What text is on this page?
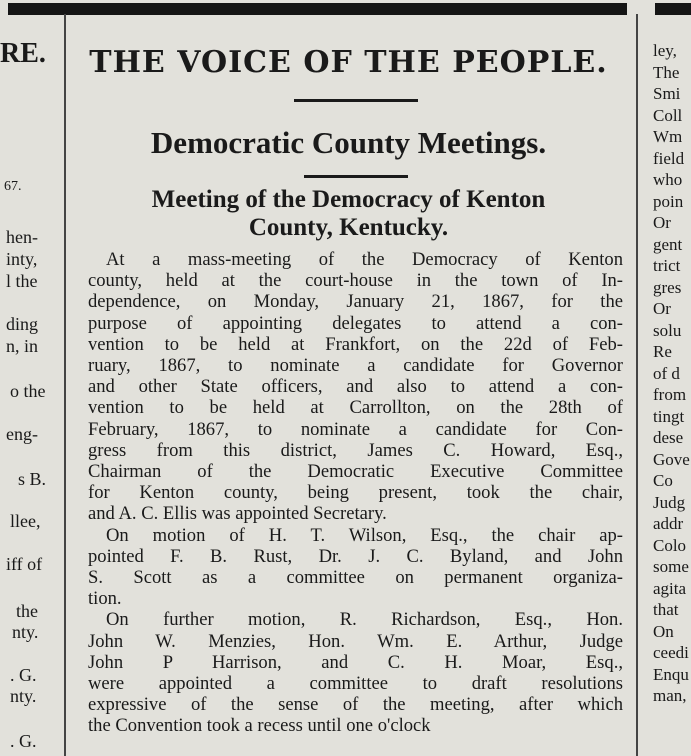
RE.
67.
hen-
inty,
l the
ding
n, in
o the
eng-
s B.
llee,
iff of
the
nty.
. G.
nty.
. G.
ley,
The
Smi
Coll
Wm
field
who
poin
Or
gent
trict
gres
Or
solu
Re
of d
from
tingt
dese
Gove
Co
Judg
addr
Colo
some
agita
that
On
ceedi
Enqu
man,
THE VOICE OF THE PEOPLE.
Democratic County Meetings.
Meeting of the Democracy of Kenton
County, Kentucky.
At a mass-meeting of the Democracy of Kenton
county, held at the court-house in the town of In-
dependence, on Monday, January 21, 1867, for the
purpose of appointing delegates to attend a con-
vention to be held at Frankfort, on the 22d of Feb-
ruary, 1867, to nominate a candidate for Governor
and other State officers, and also to attend a con-
vention to be held at Carrollton, on the 28th of
February, 1867, to nominate a candidate for Con-
gress from this district, James C. Howard, Esq.,
Chairman of the Democratic Executive Committee
for Kenton county, being present, took the chair,
and A. C. Ellis was appointed Secretary.
On motion of H. T. Wilson, Esq., the chair ap-
pointed F. B. Rust, Dr. J. C. Byland, and John
S. Scott as a committee on permanent organiza-
tion.
On further motion, R. Richardson, Esq., Hon.
John W. Menzies, Hon. Wm. E. Arthur, Judge
John P Harrison, and C. H. Moar, Esq.,
were appointed a committee to draft resolutions
expressive of the sense of the meeting, after which
the Convention took a recess until one o'clock
